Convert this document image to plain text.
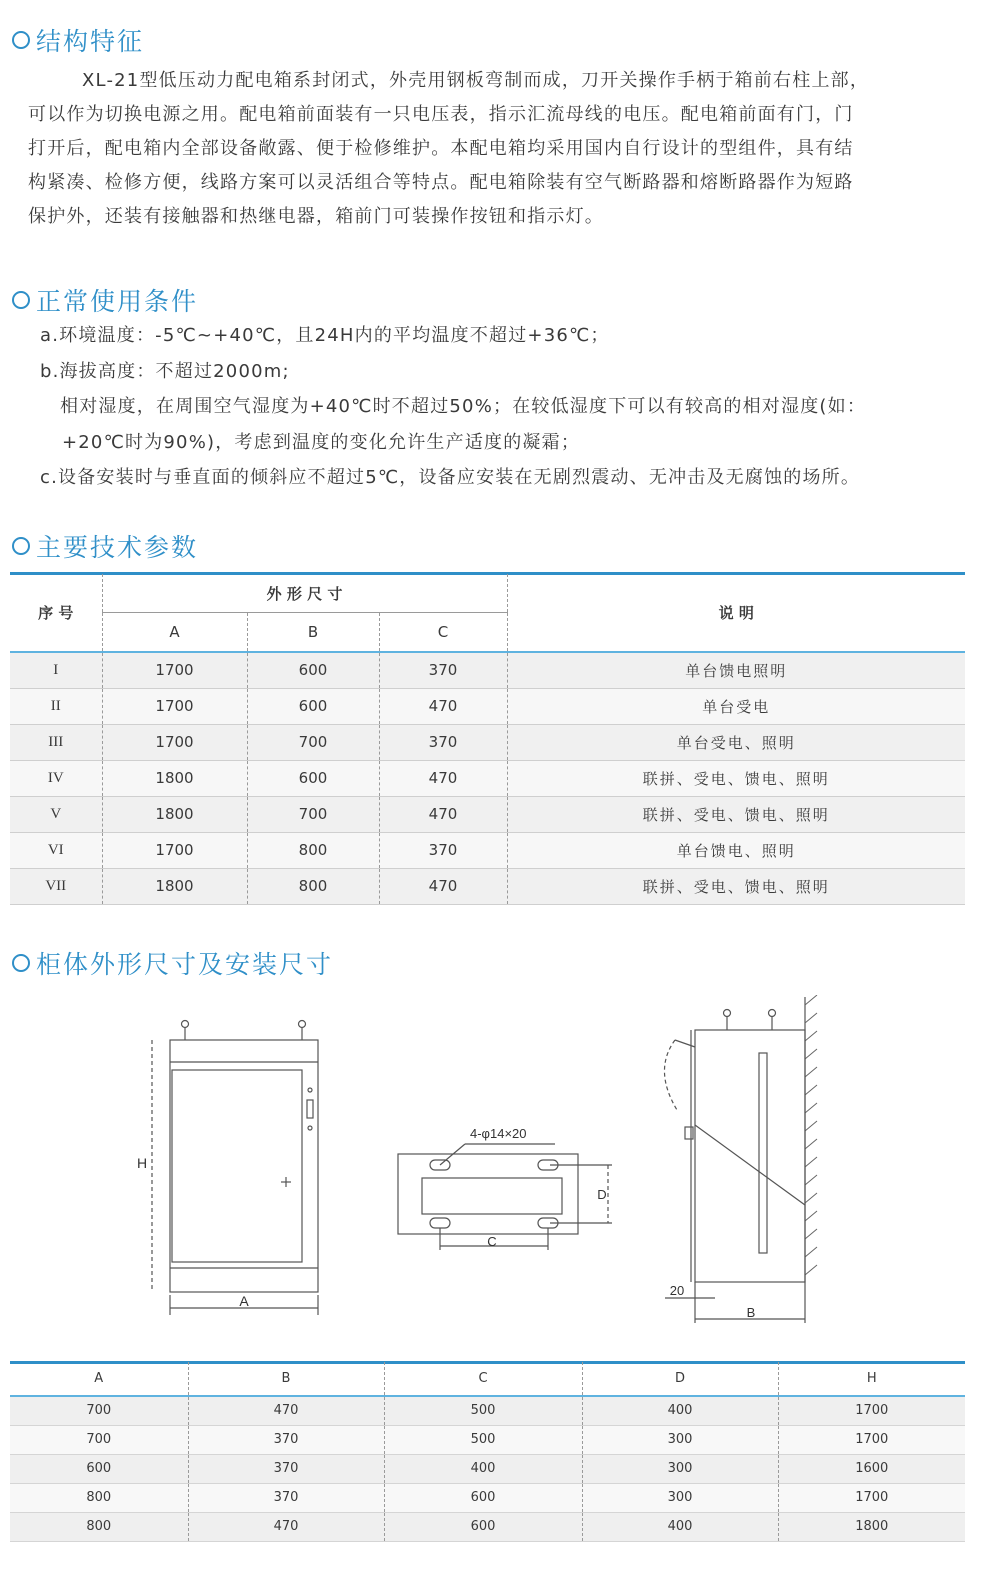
结构特征

XL-21型低压动力配电箱系封闭式，外壳用钢板弯制而成，刀开关操作手柄于箱前右柱上部，

可以作为切换电源之用。配电箱前面装有一只电压表，指示汇流母线的电压。配电箱前面有门，门

打开后，配电箱内全部设备敞露、便于检修维护。本配电箱均采用国内自行设计的型组件，具有结

构紧凑、检修方便，线路方案可以灵活组合等特点。配电箱除装有空气断路器和熔断路器作为短路

保护外，还装有接触器和热继电器，箱前门可装操作按钮和指示灯。

正常使用条件
a.环境温度：-5℃~+40℃，且24H内的平均温度不超过+36℃；
b.海拔高度：不超过2000m;
相对湿度，在周围空气湿度为+40℃时不超过50%；在较低湿度下可以有较高的相对湿度(如：
+20℃时为90%)，考虑到温度的变化允许生产适度的凝霜；
c.设备安装时与垂直面的倾斜应不超过5℃，设备应安装在无剧烈震动、无冲击及无腐蚀的场所。
主要技术参数
序 号	外 形 尺 寸			说 明
	A	B	C	
I	1700	600	370	单台馈电照明
II	1700	600	470	单台受电
III	1700	700	370	单台受电、照明
IV	1800	600	470	联拼、受电、馈电、照明
V	1800	700	470	联拼、受电、馈电、照明
VI	1700	800	370	单台馈电、照明
VII	1800	800	470	联拼、受电、馈电、照明
柜体外形尺寸及安装尺寸
H
A
4-φ14×20
D
C
20
B
A	B	C	D	H
700	470	500	400	1700
700	370	500	300	1700
600	370	400	300	1600
800	370	600	300	1700
800	470	600	400	1800
